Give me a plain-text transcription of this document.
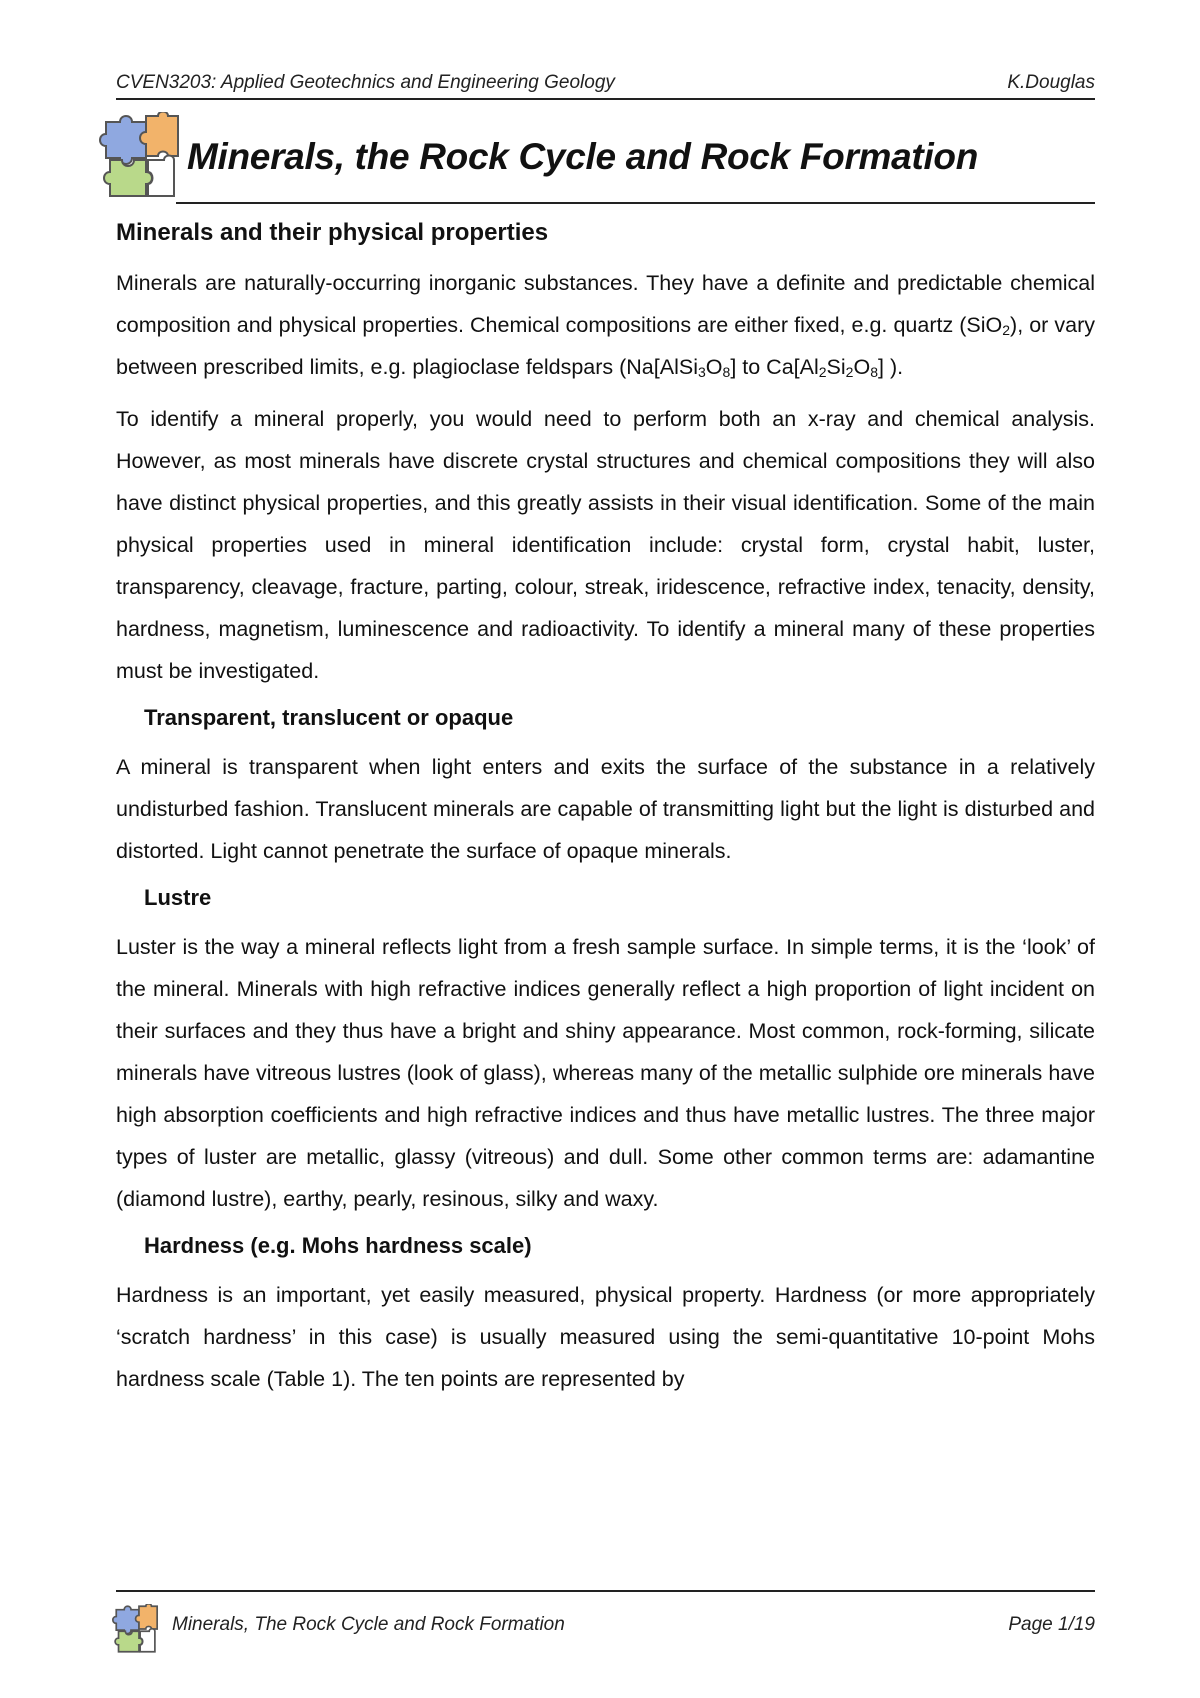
CVEN3203: Applied Geotechnics and Engineering Geology	K.Douglas
Minerals, the Rock Cycle and Rock Formation
Minerals and their physical properties

Minerals are naturally-occurring inorganic substances. They have a definite and predictable chemical composition and physical properties. Chemical compositions are either fixed, e.g. quartz (SiO$_2$), or vary between prescribed limits, e.g. plagioclase feldspars ($Na[AlSi_3O_8]$ to $Ca[Al_2Si_2O_8]$ ).

To identify a mineral properly, you would need to perform both an x-ray and chemical analysis. However, as most minerals have discrete crystal structures and chemical compositions they will also have distinct physical properties, and this greatly assists in their visual identification. Some of the main physical properties used in mineral identification include: crystal form, crystal habit, luster, transparency, cleavage, fracture, parting, colour, streak, iridescence, refractive index, tenacity, density, hardness, magnetism, luminescence and radioactivity. To identify a mineral many of these properties must be investigated.

Transparent, translucent or opaque

A mineral is transparent when light enters and exits the surface of the substance in a relatively undisturbed fashion. Translucent minerals are capable of transmitting light but the light is disturbed and distorted. Light cannot penetrate the surface of opaque minerals.

Lustre

Luster is the way a mineral reflects light from a fresh sample surface. In simple terms, it is the ‘look’ of the mineral. Minerals with high refractive indices generally reflect a high proportion of light incident on their surfaces and they thus have a bright and shiny appearance. Most common, rock-forming, silicate minerals have vitreous lustres (look of glass), whereas many of the metallic sulphide ore minerals have high absorption coefficients and high refractive indices and thus have metallic lustres. The three major types of luster are metallic, glassy (vitreous) and dull. Some other common terms are: adamantine (diamond lustre), earthy, pearly, resinous, silky and waxy.

Hardness (e.g. Mohs hardness scale)

Hardness is an important, yet easily measured, physical property. Hardness (or more appropriately ‘scratch hardness’ in this case) is usually measured using the semi-quantitative 10-point Mohs hardness scale (Table 1). The ten points are represented by

Minerals, The Rock Cycle and Rock Formation	Page 1/19
